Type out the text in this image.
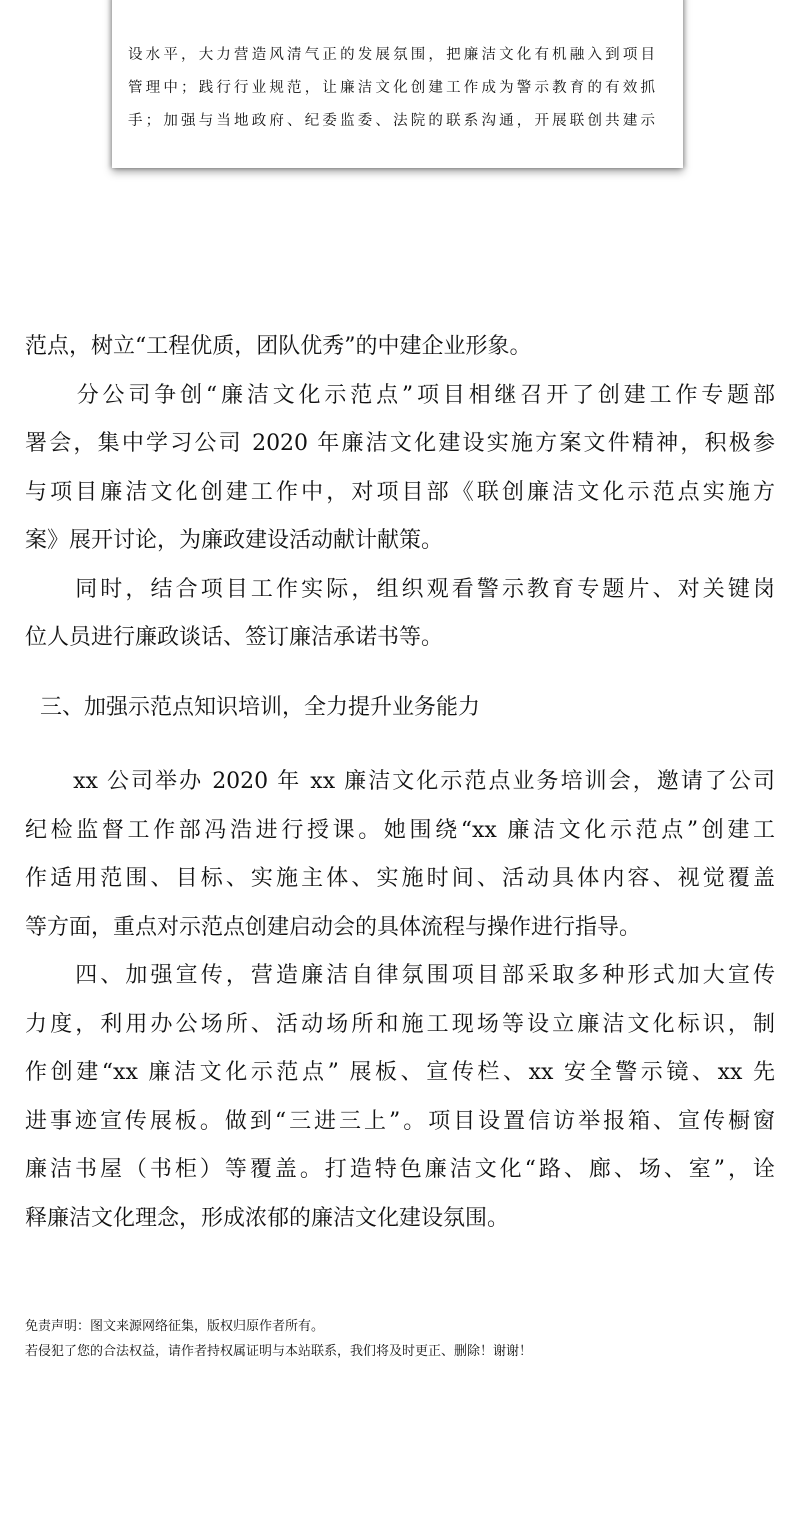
设水平，大力营造风清气正的发展氛围，把廉洁文化有机融入到项目
管理中；践行行业规范，让廉洁文化创建工作成为警示教育的有效抓
手；加强与当地政府、纪委监委、法院的联系沟通，开展联创共建示
范点，树立“工程优质，团队优秀”的中建企业形象。
　　分公司争创“廉洁文化示范点”项目相继召开了创建工作专题部
署会，集中学习公司 2020 年廉洁文化建设实施方案文件精神，积极参
与项目廉洁文化创建工作中，对项目部《联创廉洁文化示范点实施方
案》展开讨论，为廉政建设活动献计献策。
　　同时，结合项目工作实际，组织观看警示教育专题片、对关键岗
位人员进行廉政谈话、签订廉洁承诺书等。
三、加强示范点知识培训，全力提升业务能力
　　xx 公司举办 2020 年 xx 廉洁文化示范点业务培训会，邀请了公司
纪检监督工作部冯浩进行授课。她围绕“xx 廉洁文化示范点”创建工
作适用范围、目标、实施主体、实施时间、活动具体内容、视觉覆盖
等方面，重点对示范点创建启动会的具体流程与操作进行指导。
　　四、加强宣传，营造廉洁自律氛围项目部采取多种形式加大宣传
力度，利用办公场所、活动场所和施工现场等设立廉洁文化标识，制
作创建“xx 廉洁文化示范点” 展板、宣传栏、xx 安全警示镜、xx 先
进事迹宣传展板。做到“三进三上”。项目设置信访举报箱、宣传橱窗
廉洁书屋（书柜）等覆盖。打造特色廉洁文化“路、廊、场、室”，诠
释廉洁文化理念，形成浓郁的廉洁文化建设氛围。
免责声明：图文来源网络征集，版权归原作者所有。
若侵犯了您的合法权益，请作者持权属证明与本站联系，我们将及时更正、删除！谢谢！
